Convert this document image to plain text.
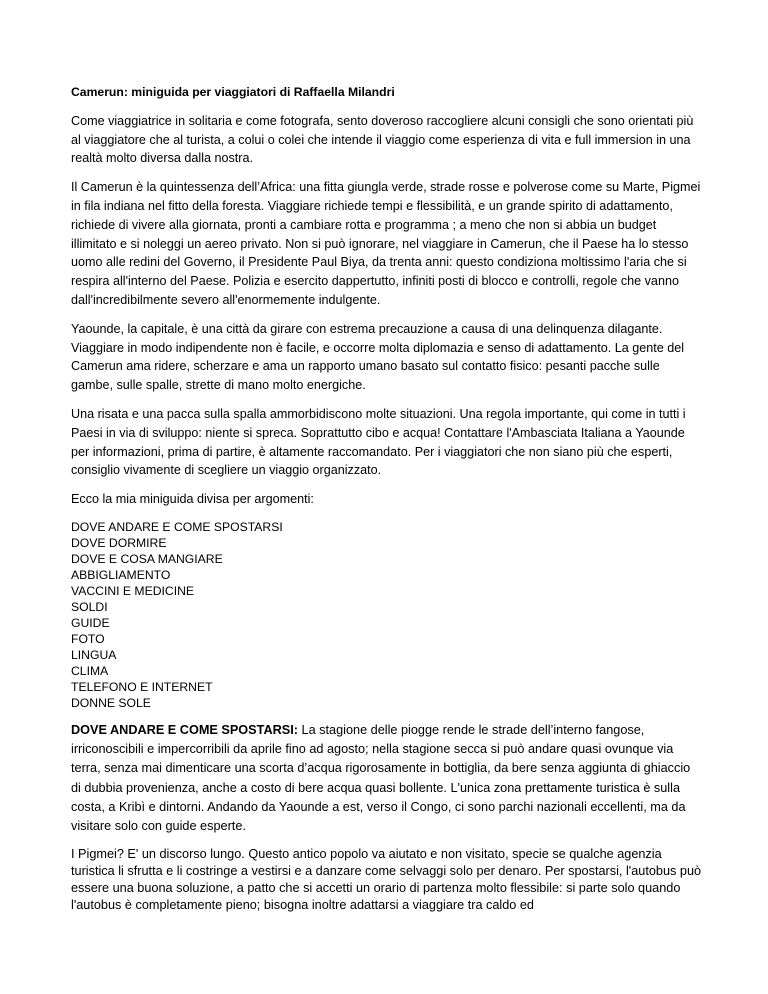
Camerun: miniguida per viaggiatori di Raffaella Milandri

Come viaggiatrice in solitaria e come fotografa, sento doveroso raccogliere alcuni consigli che sono orientati più al viaggiatore che al turista, a colui o colei che intende il viaggio come esperienza di vita e full immersion in una realtà molto diversa dalla nostra.

Il Camerun è la quintessenza dell’Africa: una fitta giungla verde, strade rosse e polverose come su Marte, Pigmei in fila indiana nel fitto della foresta. Viaggiare richiede tempi e flessibilità, e un grande spirito di adattamento, richiede di vivere alla giornata, pronti a cambiare rotta e programma ; a meno che non si abbia un budget illimitato e si noleggi un aereo privato. Non si può ignorare, nel viaggiare in Camerun, che il Paese ha lo stesso uomo alle redini del Governo, il Presidente Paul Biya, da trenta anni: questo condiziona moltissimo l'aria che si respira all'interno del Paese. Polizia e esercito dappertutto, infiniti posti di blocco e controlli, regole che vanno dall'incredibilmente severo all'enormemente indulgente.

Yaounde, la capitale, è una città da girare con estrema precauzione a causa di una delinquenza dilagante. Viaggiare in modo indipendente non è facile, e occorre molta diplomazia e senso di adattamento. La gente del Camerun ama ridere, scherzare e ama un rapporto umano basato sul contatto fisico: pesanti pacche sulle gambe, sulle spalle, strette di mano molto energiche.

Una risata e una pacca sulla spalla ammorbidiscono molte situazioni. Una regola importante, qui come in tutti i Paesi in via di sviluppo: niente si spreca. Soprattutto cibo e acqua! Contattare l'Ambasciata Italiana a Yaounde per informazioni, prima di partire, è altamente raccomandato. Per i viaggiatori che non siano più che esperti, consiglio vivamente di scegliere un viaggio organizzato.

Ecco la mia miniguida divisa per argomenti:

DOVE ANDARE E COME SPOSTARSI
DOVE DORMIRE
DOVE E COSA MANGIARE
ABBIGLIAMENTO
VACCINI E MEDICINE
SOLDI
GUIDE
FOTO
LINGUA
CLIMA
TELEFONO E INTERNET
DONNE SOLE

DOVE ANDARE E COME SPOSTARSI: La stagione delle piogge rende le strade dell’interno fangose, irriconoscibili e impercorribili da aprile fino ad agosto; nella stagione secca si può andare quasi ovunque via terra, senza mai dimenticare una scorta d’acqua rigorosamente in bottiglia, da bere senza aggiunta di ghiaccio di dubbia provenienza, anche a costo di bere acqua quasi bollente. L'unica zona prettamente turistica è sulla costa, a Kribì e dintorni. Andando da Yaounde a est, verso il Congo, ci sono parchi nazionali eccellenti, ma da visitare solo con guide esperte.

I Pigmei? E' un discorso lungo. Questo antico popolo va aiutato e non visitato, specie se qualche agenzia turistica li sfrutta e li costringe a vestirsi e a danzare come selvaggi solo per denaro. Per spostarsi, l'autobus può essere una buona soluzione, a patto che si accetti un orario di partenza molto flessibile: si parte solo quando l'autobus è completamente pieno; bisogna inoltre adattarsi a viaggiare tra caldo ed
